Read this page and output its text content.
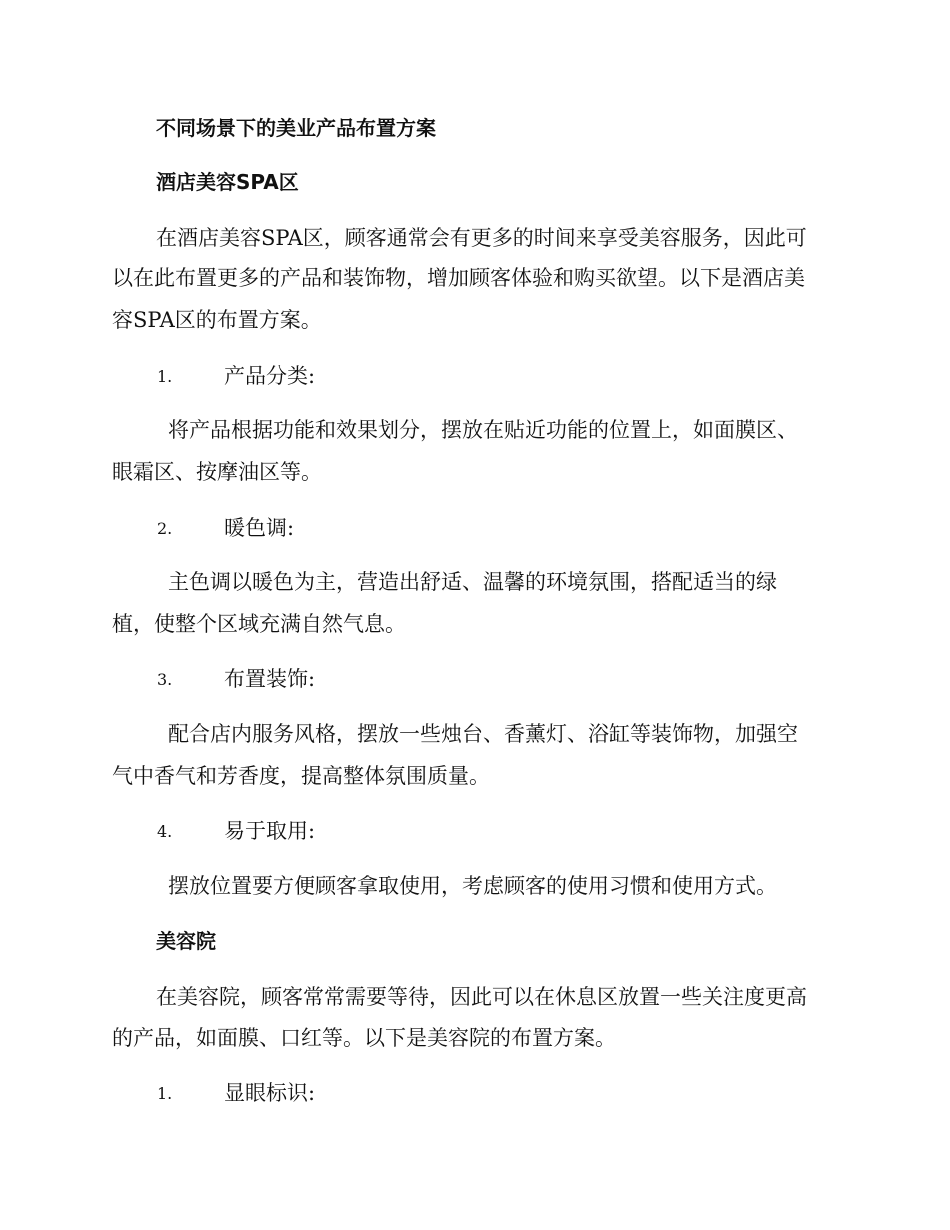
不同场景下的美业产品布置方案
酒店美容SPA区
在酒店美容SPA区，顾客通常会有更多的时间来享受美容服务，因此可
以在此布置更多的产品和装饰物，增加顾客体验和购买欲望。以下是酒店美
容SPA区的布置方案。
1. 产品分类:
将产品根据功能和效果划分，摆放在贴近功能的位置上，如面膜区、
眼霜区、按摩油区等。
2. 暖色调:
主色调以暖色为主，营造出舒适、温馨的环境氛围，搭配适当的绿
植，使整个区域充满自然气息。
3. 布置装饰:
配合店内服务风格，摆放一些烛台、香薰灯、浴缸等装饰物，加强空
气中香气和芳香度，提高整体氛围质量。
4. 易于取用:
摆放位置要方便顾客拿取使用，考虑顾客的使用习惯和使用方式。
美容院
在美容院，顾客常常需要等待，因此可以在休息区放置一些关注度更高
的产品，如面膜、口红等。以下是美容院的布置方案。
1. 显眼标识:
